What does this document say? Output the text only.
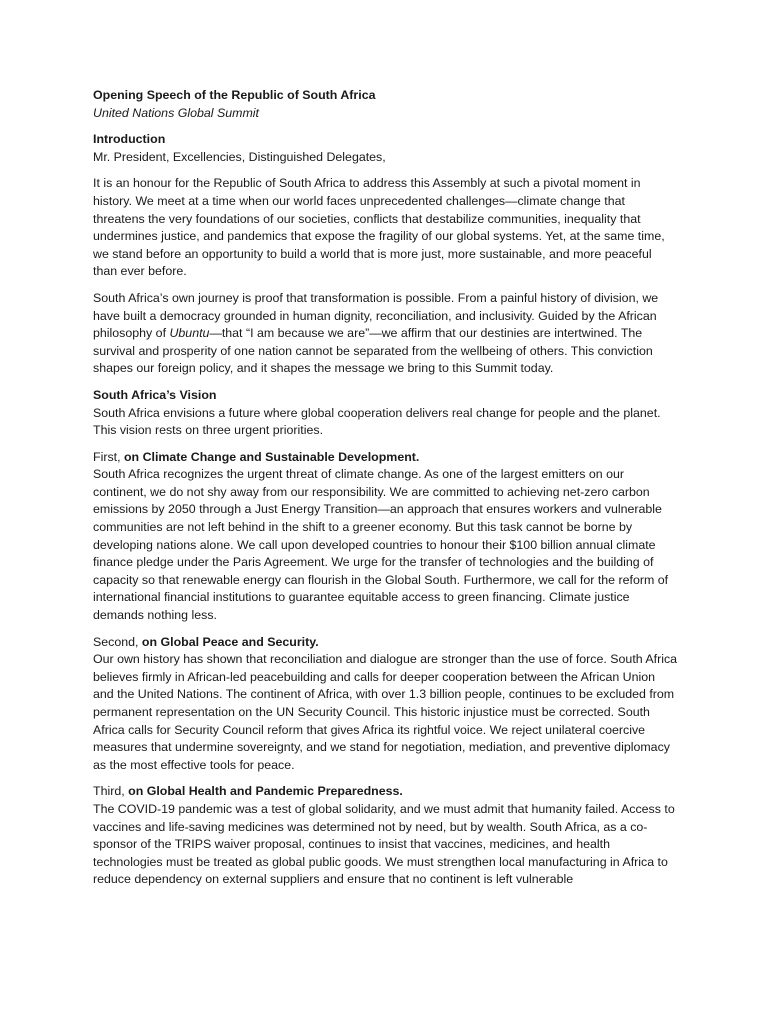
Opening Speech of the Republic of South Africa

United Nations Global Summit

Introduction

Mr. President, Excellencies, Distinguished Delegates,

It is an honour for the Republic of South Africa to address this Assembly at such a pivotal moment in history. We meet at a time when our world faces unprecedented challenges—climate change that threatens the very foundations of our societies, conflicts that destabilize communities, inequality that undermines justice, and pandemics that expose the fragility of our global systems. Yet, at the same time, we stand before an opportunity to build a world that is more just, more sustainable, and more peaceful than ever before.

South Africa’s own journey is proof that transformation is possible. From a painful history of division, we have built a democracy grounded in human dignity, reconciliation, and inclusivity. Guided by the African philosophy of Ubuntu—that “I am because we are”—we affirm that our destinies are intertwined. The survival and prosperity of one nation cannot be separated from the wellbeing of others. This conviction shapes our foreign policy, and it shapes the message we bring to this Summit today.

South Africa’s Vision

South Africa envisions a future where global cooperation delivers real change for people and the planet. This vision rests on three urgent priorities.

First, on Climate Change and Sustainable Development.

South Africa recognizes the urgent threat of climate change. As one of the largest emitters on our continent, we do not shy away from our responsibility. We are committed to achieving net-zero carbon emissions by 2050 through a Just Energy Transition—an approach that ensures workers and vulnerable communities are not left behind in the shift to a greener economy. But this task cannot be borne by developing nations alone. We call upon developed countries to honour their $100 billion annual climate finance pledge under the Paris Agreement. We urge for the transfer of technologies and the building of capacity so that renewable energy can flourish in the Global South. Furthermore, we call for the reform of international financial institutions to guarantee equitable access to green financing. Climate justice demands nothing less.

Second, on Global Peace and Security.

Our own history has shown that reconciliation and dialogue are stronger than the use of force. South Africa believes firmly in African-led peacebuilding and calls for deeper cooperation between the African Union and the United Nations. The continent of Africa, with over 1.3 billion people, continues to be excluded from permanent representation on the UN Security Council. This historic injustice must be corrected. South Africa calls for Security Council reform that gives Africa its rightful voice. We reject unilateral coercive measures that undermine sovereignty, and we stand for negotiation, mediation, and preventive diplomacy as the most effective tools for peace.

Third, on Global Health and Pandemic Preparedness.

The COVID-19 pandemic was a test of global solidarity, and we must admit that humanity failed. Access to vaccines and life-saving medicines was determined not by need, but by wealth. South Africa, as a co-sponsor of the TRIPS waiver proposal, continues to insist that vaccines, medicines, and health technologies must be treated as global public goods. We must strengthen local manufacturing in Africa to reduce dependency on external suppliers and ensure that no continent is left vulnerable
